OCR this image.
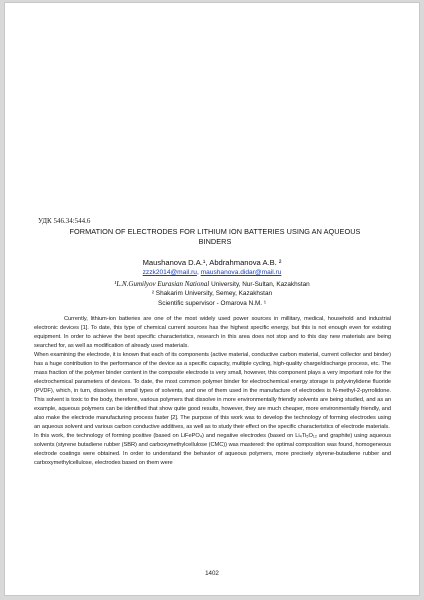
УДК 546.34:544.6
FORMATION OF ELECTRODES FOR LITHIUM ION BATTERIES USING AN AQUEOUS BINDERS
Maushanova D.A.¹, Abdrahmanova A.B. ²
zzzk2014@mail.ru, maushanova.didar@mail.ru
¹L.N.Gumilyov Eurasian National University, Nur-Sultan, Kazakhstan
² Shakarim University, Semey, Kazakhstan
Scientific supervisor - Omarova N.M. ¹

Currently, lithium-ion batteries are one of the most widely used power sources in millitary, medical, household and industrial electronic devices [1]. To date, this type of chemical current sources has the highest specific energy, but this is not enough even for existing equipment. In order to achieve the best specific characteristics, research in this area does not stop and to this day new materials are being searched for, as well as modification of already used materials.

When examining the electrode, it is known that each of its components (active material, conductive carbon material, current collector and binder) has a huge contribution to the performance of the device as a specific capacity, multiple cycling, high-quality charge/discharge process, etc. The mass fraction of the polymer binder content in the composite electrode is very small, however, this component plays a very important role for the electrochemical parameters of devices. To date, the most common polymer binder for electrochemical energy storage is polyvinylidene fluoride (PVDF), which, in turn, dissolves in small types of solvents, and one of them used in the manufacture of electrodes is N-methyl-2-pyrrolidone. This solvent is toxic to the body, therefore, various polymers that dissolve in more environmentally friendly solvents are being studied, and as an example, aqueous polymers can be identified that show quite good results, however, they are much cheaper, more environmentally friendly, and also make the electrode manufacturing process faster [2]. The purpose of this work was to develop the technology of forming electrodes using an aqueous solvent and various carbon conductive additives, as well as to study their effect on the specific characteristics of electrode materials.

In this work, the technology of forming positive (based on LiFePO₄) and negative electrodes (based on Li₄Ti₅O₁₂ and graphite) using aqueous solvents (styrene butadiene rubber (SBR) and carboxymethylcellulose (CMC)) was mastered: the optimal composition was found, homogeneous electrode coatings were obtained. In order to understand the behavior of aqueous polymers, more precisely styrene-butadiene rubber and carboxymethylcellulose, electrodes based on them were

1402
